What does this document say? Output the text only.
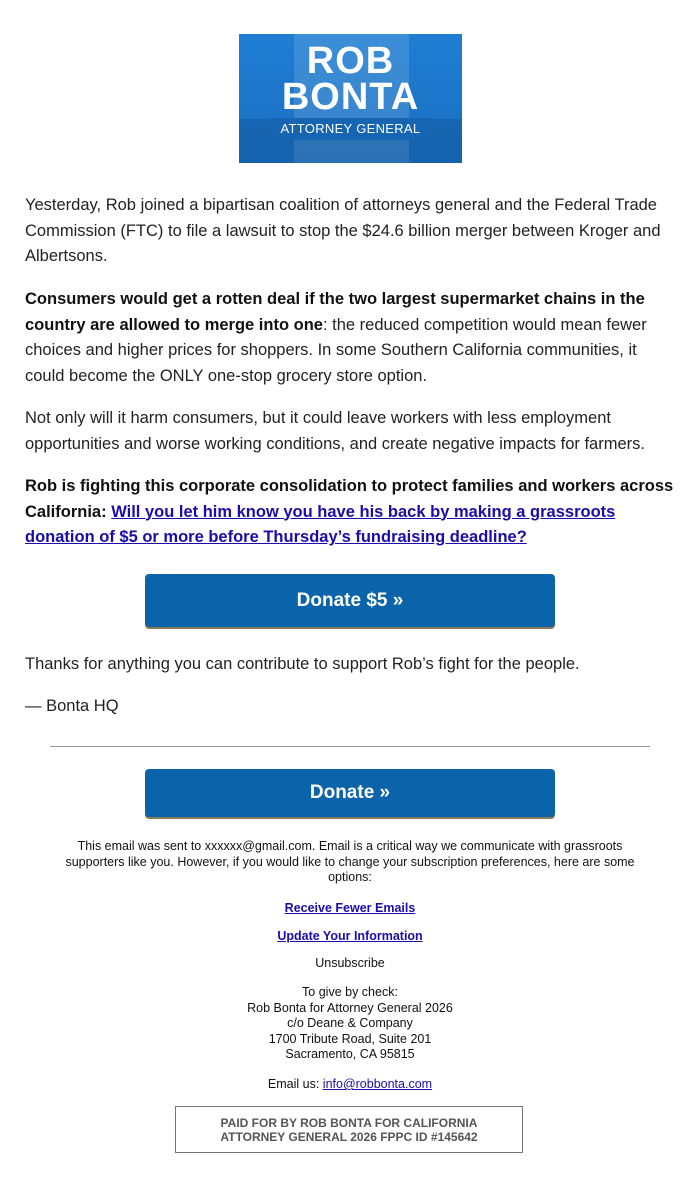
ROB
BONTA
ATTORNEY GENERAL

Yesterday, Rob joined a bipartisan coalition of attorneys general and the Federal Trade Commission (FTC) to file a lawsuit to stop the $24.6 billion merger between Kroger and Albertsons.

Consumers would get a rotten deal if the two largest supermarket chains in the country are allowed to merge into one: the reduced competition would mean fewer choices and higher prices for shoppers. In some Southern California communities, it could become the ONLY one-stop grocery store option.

Not only will it harm consumers, but it could leave workers with less employment opportunities and worse working conditions, and create negative impacts for farmers.

Rob is fighting this corporate consolidation to protect families and workers across California: Will you let him know you have his back by making a grassroots donation of $5 or more before Thursday’s fundraising deadline?

Donate $5 »

Thanks for anything you can contribute to support Rob’s fight for the people.

— Bonta HQ

Donate »

This email was sent to xxxxxx@gmail.com. Email is a critical way we communicate with grassroots supporters like you. However, if you would like to change your subscription preferences, here are some options:

Receive Fewer Emails

Update Your Information

Unsubscribe

To give by check:
Rob Bonta for Attorney General 2026
c/o Deane & Company
1700 Tribute Road, Suite 201
Sacramento, CA 95815

Email us: info@robbonta.com

PAID FOR BY ROB BONTA FOR CALIFORNIA ATTORNEY GENERAL 2026 FPPC ID #145642
